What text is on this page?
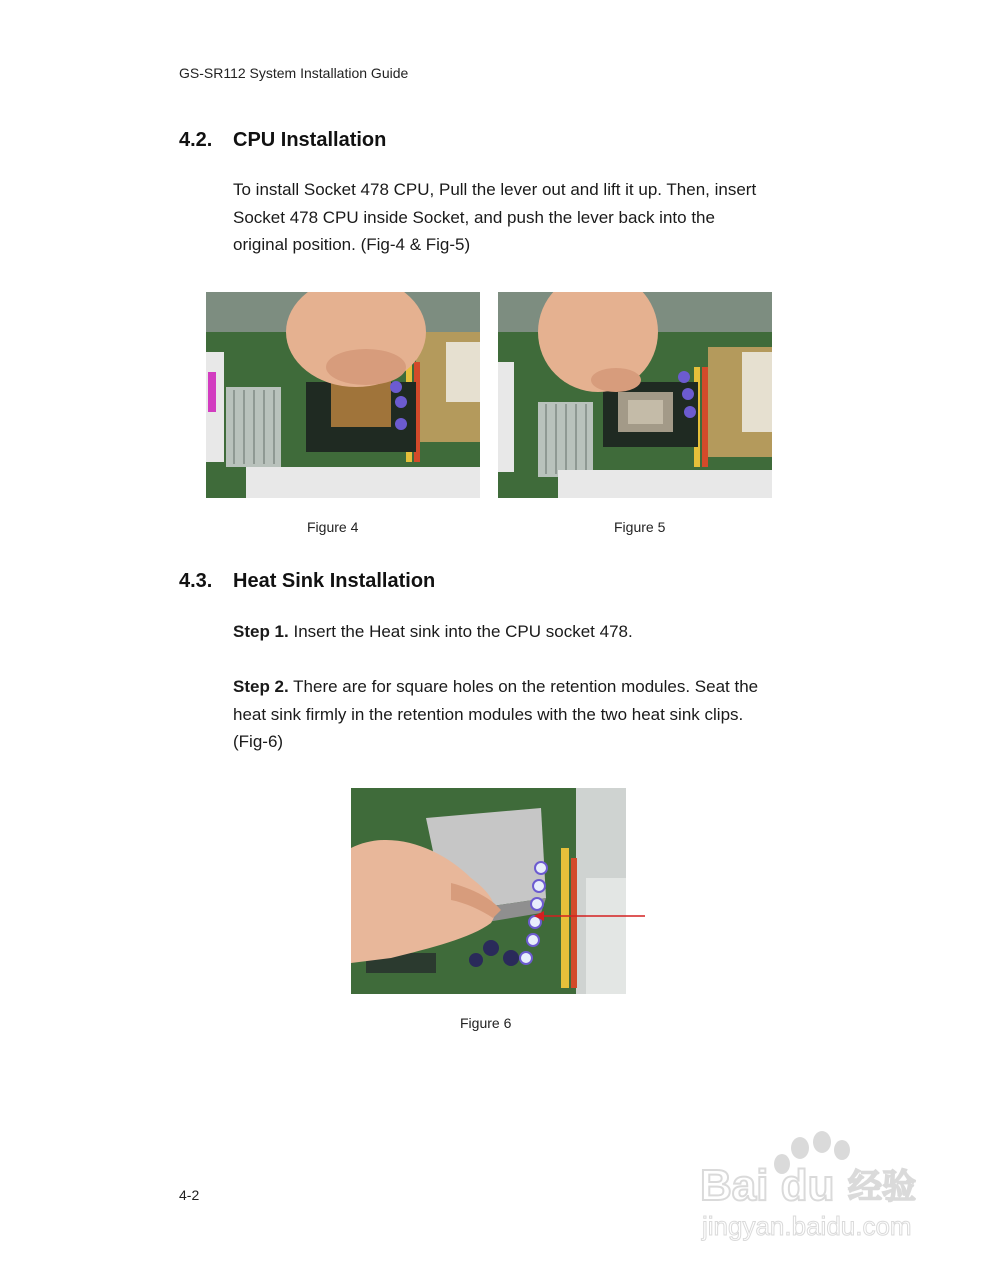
GS-SR112 System Installation Guide
4.2. CPU Installation
To install Socket 478 CPU, Pull the lever out and lift it up. Then, insert
Socket 478 CPU inside Socket, and push the lever back into the
original position. (Fig-4 & Fig-5)
Figure 4	Figure 5
4.3. Heat Sink Installation
Step 1. Insert the Heat sink into the CPU socket 478.
Step 2. There are for square holes on the retention modules. Seat the
heat sink firmly in the retention modules with the two heat sink clips.
(Fig-6)
Figure 6
4-2	Bai du 经验
jingyan.baidu.com
